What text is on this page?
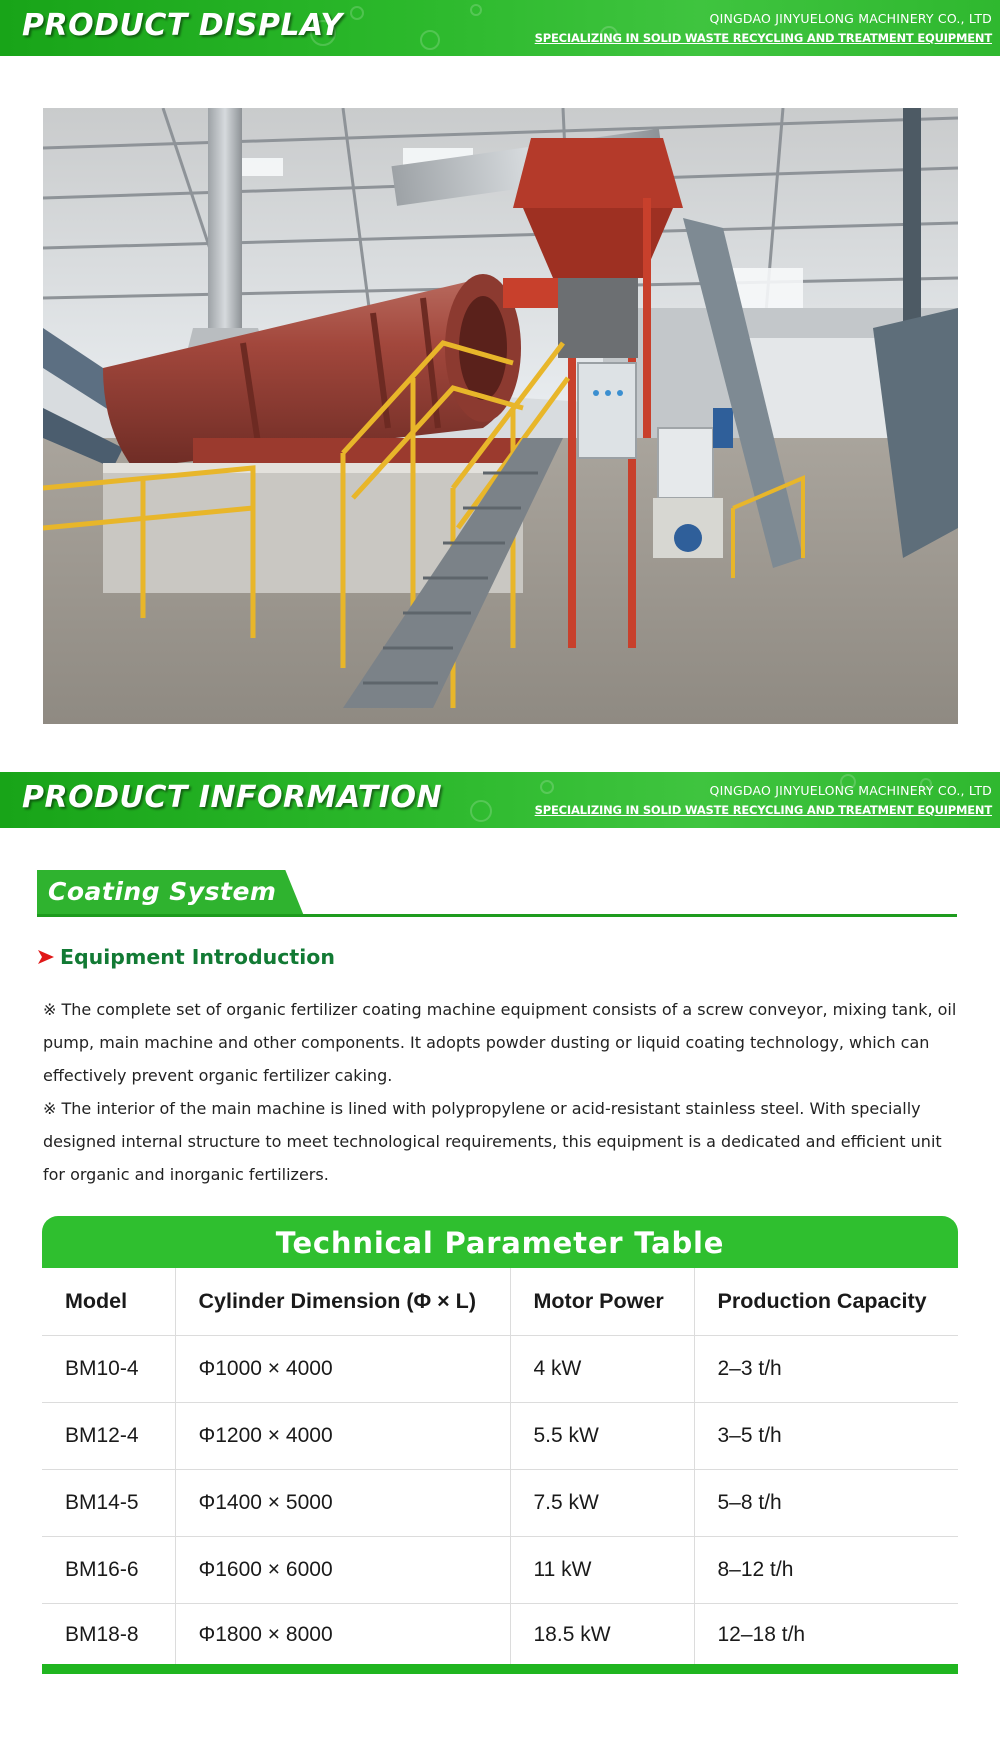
PRODUCT DISPLAY	QINGDAO JINYUELONG MACHINERY CO., LTD
SPECIALIZING IN SOLID WASTE RECYCLING AND TREATMENT EQUIPMENT
PRODUCT INFORMATION	QINGDAO JINYUELONG MACHINERY CO., LTD
SPECIALIZING IN SOLID WASTE RECYCLING AND TREATMENT EQUIPMENT
Coating System
Equipment Introduction

※ The complete set of organic fertilizer coating machine equipment consists of a screw conveyor, mixing tank, oil pump, main machine and other components. It adopts powder dusting or liquid coating technology, which can effectively prevent organic fertilizer caking.

※ The interior of the main machine is lined with polypropylene or acid-resistant stainless steel. With specially designed internal structure to meet technological requirements, this equipment is a dedicated and efficient unit for organic and inorganic fertilizers.

Technical Parameter Table
Model	Cylinder Dimension (Φ × L)	Motor Power	Production Capacity
BM10-4	Φ1000 × 4000	4 kW	2–3 t/h
BM12-4	Φ1200 × 4000	5.5 kW	3–5 t/h
BM14-5	Φ1400 × 5000	7.5 kW	5–8 t/h
BM16-6	Φ1600 × 6000	11 kW	8–12 t/h
BM18-8	Φ1800 × 8000	18.5 kW	12–18 t/h
